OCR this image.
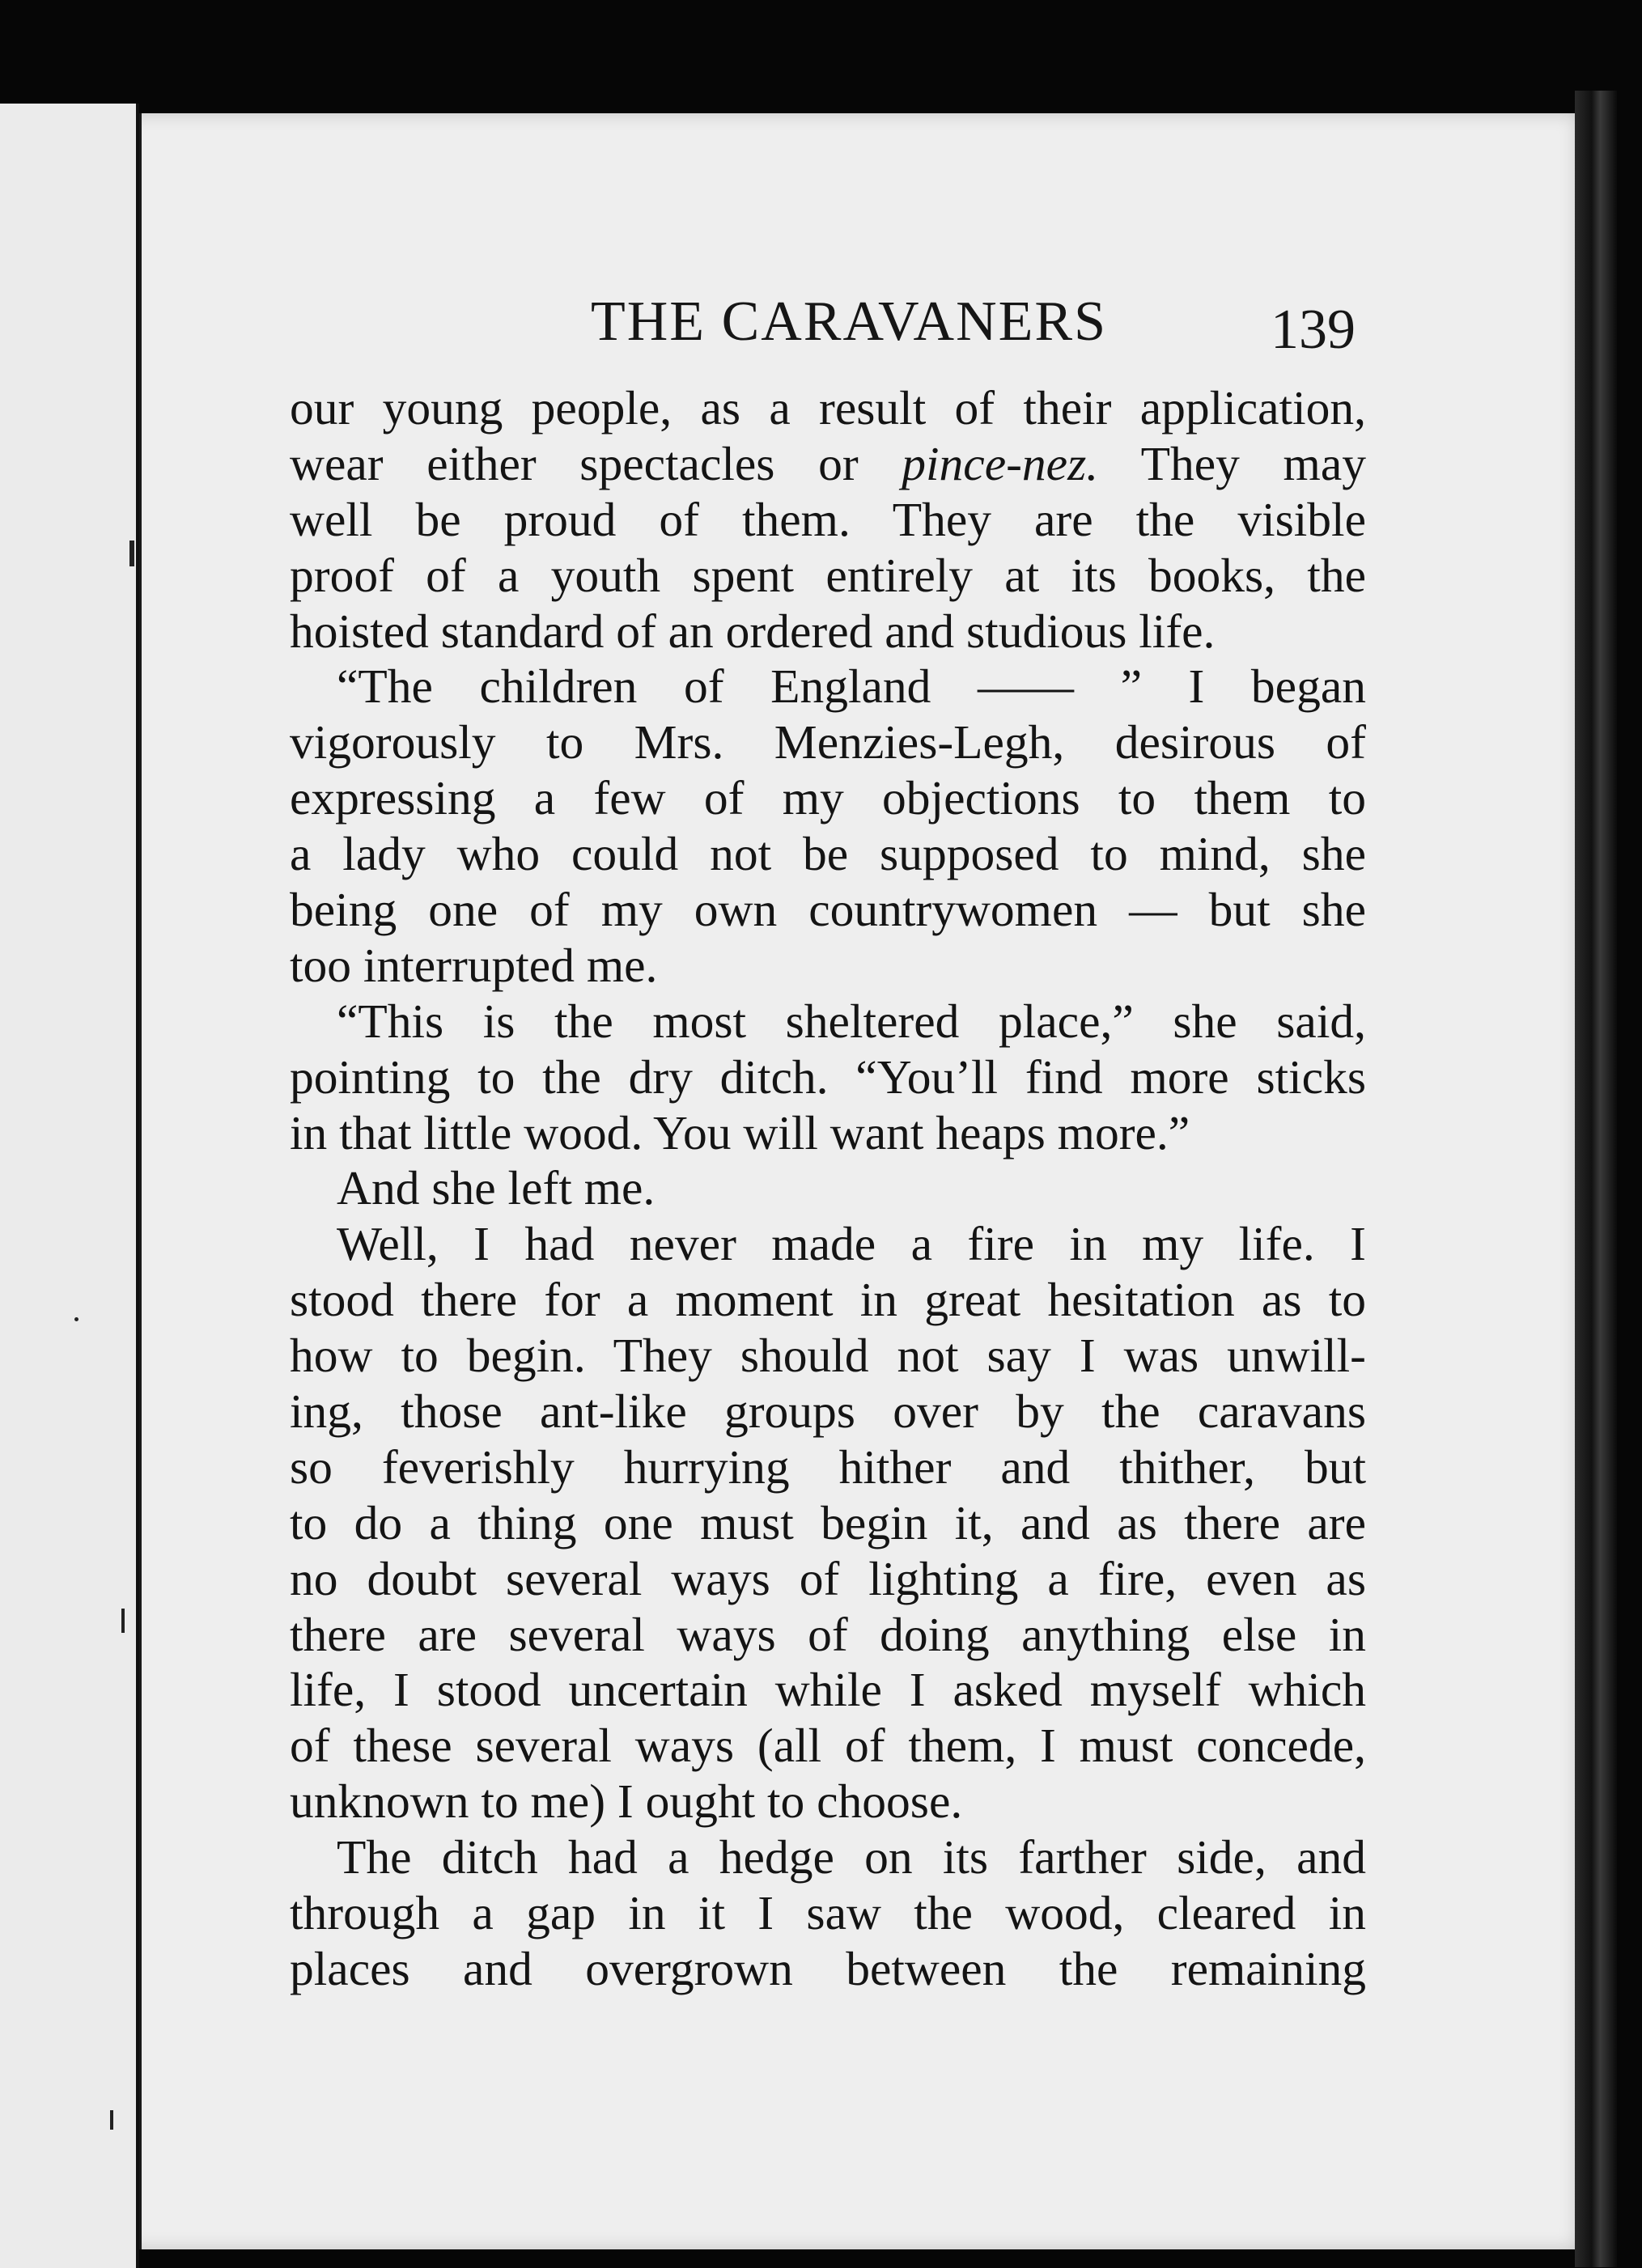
THE CARAVANERS	139
our young people, as a result of their application,
wear either spectacles or pince-nez. They may
well be proud of them. They are the visible
proof of a youth spent entirely at its books, the
hoisted standard of an ordered and studious life.
“The children of England —— ” I began
vigorously to Mrs. Menzies-Legh, desirous of
expressing a few of my objections to them to
a lady who could not be supposed to mind, she
being one of my own countrywomen — but she
too interrupted me.
“This is the most sheltered place,” she said,
pointing to the dry ditch. “You’ll find more sticks
in that little wood. You will want heaps more.”
And she left me.
Well, I had never made a fire in my life. I
stood there for a moment in great hesitation as to
how to begin. They should not say I was unwill-
ing, those ant-like groups over by the caravans
so feverishly hurrying hither and thither, but
to do a thing one must begin it, and as there are
no doubt several ways of lighting a fire, even as
there are several ways of doing anything else in
life, I stood uncertain while I asked myself which
of these several ways (all of them, I must concede,
unknown to me) I ought to choose.
The ditch had a hedge on its farther side, and
through a gap in it I saw the wood, cleared in
places and overgrown between the remaining
